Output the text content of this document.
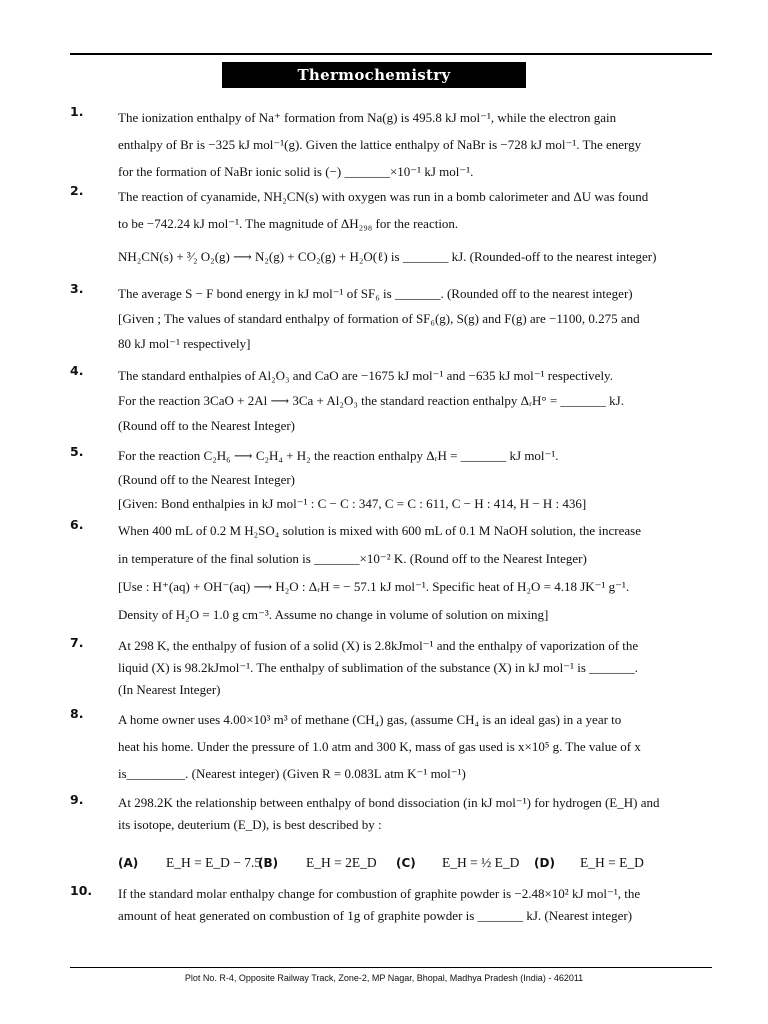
Thermochemistry
1.	The ionization enthalpy of Na⁺ formation from Na(g) is 495.8 kJ mol⁻¹, while the electron gain
enthalpy of Br is −325 kJ mol⁻¹(g). Given the lattice enthalpy of NaBr is −728 kJ mol⁻¹. The energy
for the formation of NaBr ionic solid is (−) _______×10⁻¹ kJ mol⁻¹.
2.	The reaction of cyanamide, NH₂CN(s) with oxygen was run in a bomb calorimeter and ΔU was found
to be −742.24 kJ mol⁻¹. The magnitude of ΔH₂₉₈ for the reaction.
NH₂CN(s) + ³⁄₂ O₂(g) ⟶ N₂(g) + CO₂(g) + H₂O(ℓ) is _______ kJ. (Rounded-off to the nearest integer)
3.	The average S − F bond energy in kJ mol⁻¹ of SF₆ is _______. (Rounded off to the nearest integer)
[Given ; The values of standard enthalpy of formation of SF₆(g), S(g) and F(g) are −1100, 0.275 and
80 kJ mol⁻¹ respectively]
4.	The standard enthalpies of Al₂O₃ and CaO are −1675 kJ mol⁻¹ and −635 kJ mol⁻¹ respectively.
For the reaction 3CaO + 2Al ⟶ 3Ca + Al₂O₃ the standard reaction enthalpy ΔᵣH° = _______ kJ.
(Round off to the Nearest Integer)
5.	For the reaction C₂H₆ ⟶ C₂H₄ + H₂ the reaction enthalpy ΔᵣH = _______ kJ mol⁻¹.
(Round off to the Nearest Integer)
[Given: Bond enthalpies in kJ mol⁻¹ : C − C : 347, C = C : 611, C − H : 414, H − H : 436]
6.	When 400 mL of 0.2 M H₂SO₄ solution is mixed with 600 mL of 0.1 M NaOH solution, the increase
in temperature of the final solution is _______×10⁻² K. (Round off to the Nearest Integer)
[Use : H⁺(aq) + OH⁻(aq) ⟶ H₂O : ΔᵣH = − 57.1 kJ mol⁻¹. Specific heat of H₂O = 4.18 JK⁻¹ g⁻¹.
Density of H₂O = 1.0 g cm⁻³. Assume no change in volume of solution on mixing]
7.	At 298 K, the enthalpy of fusion of a solid (X) is 2.8kJmol⁻¹ and the enthalpy of vaporization of the
liquid (X) is 98.2kJmol⁻¹. The enthalpy of sublimation of the substance (X) in kJ mol⁻¹ is _______.
(In Nearest Integer)
8.	A home owner uses 4.00×10³ m³ of methane (CH₄) gas, (assume CH₄ is an ideal gas) in a year to
heat his home. Under the pressure of 1.0 atm and 300 K, mass of gas used is x×10⁵ g. The value of x
is_________. (Nearest integer) (Given R = 0.083L atm K⁻¹ mol⁻¹)
9.	At 298.2K the relationship between enthalpy of bond dissociation (in kJ mol⁻¹) for hydrogen (E_H) and
its isotope, deuterium (E_D), is best described by :
(A)	E_H = E_D − 7.5
(B)	E_H = 2E_D	(C)	E_H = ½ E_D	(D)	E_H = E_D
10.	If the standard molar enthalpy change for combustion of graphite powder is −2.48×10² kJ mol⁻¹, the
amount of heat generated on combustion of 1g of graphite powder is _______ kJ. (Nearest integer)
Plot No. R-4, Opposite Railway Track, Zone-2, MP Nagar, Bhopal, Madhya Pradesh (India) - 462011
